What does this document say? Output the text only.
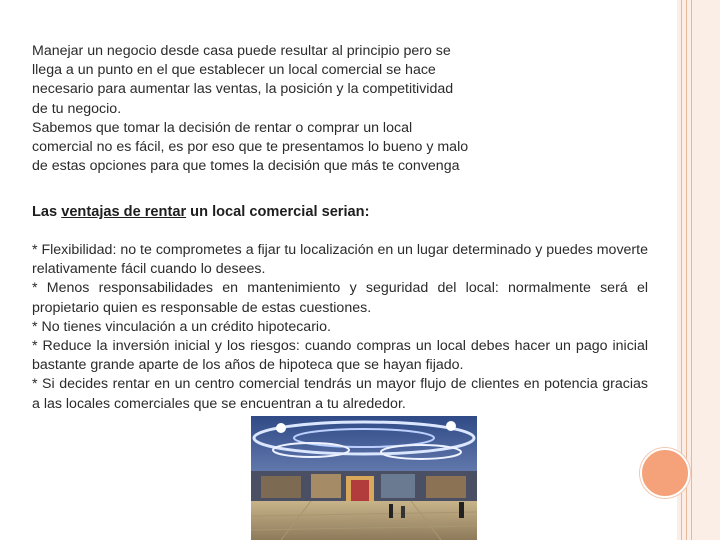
Manejar un negocio desde casa puede resultar al principio pero se
llega a un punto en el que establecer un local comercial se hace
necesario para aumentar las ventas, la posición y la competitividad
de tu negocio.
Sabemos que tomar la decisión de rentar o comprar un local
comercial no es fácil, es por eso que te presentamos lo bueno y malo
de estas opciones para que tomes la decisión que más te convenga
Las ventajas de rentar un local comercial serian:

* Flexibilidad: no te comprometes a fijar tu localización en un lugar determinado y puedes moverte relativamente fácil cuando lo desees.

* Menos responsabilidades en mantenimiento y seguridad del local: normalmente será el propietario quien es responsable de estas cuestiones.

* No tienes vinculación a un crédito hipotecario.

* Reduce la inversión inicial y los riesgos: cuando compras un local debes hacer un pago inicial bastante grande aparte de los años de hipoteca que se hayan fijado.

* Si decides rentar en un centro comercial tendrás un mayor flujo de clientes en potencia gracias a las locales comerciales que se encuentran a tu alrededor.
